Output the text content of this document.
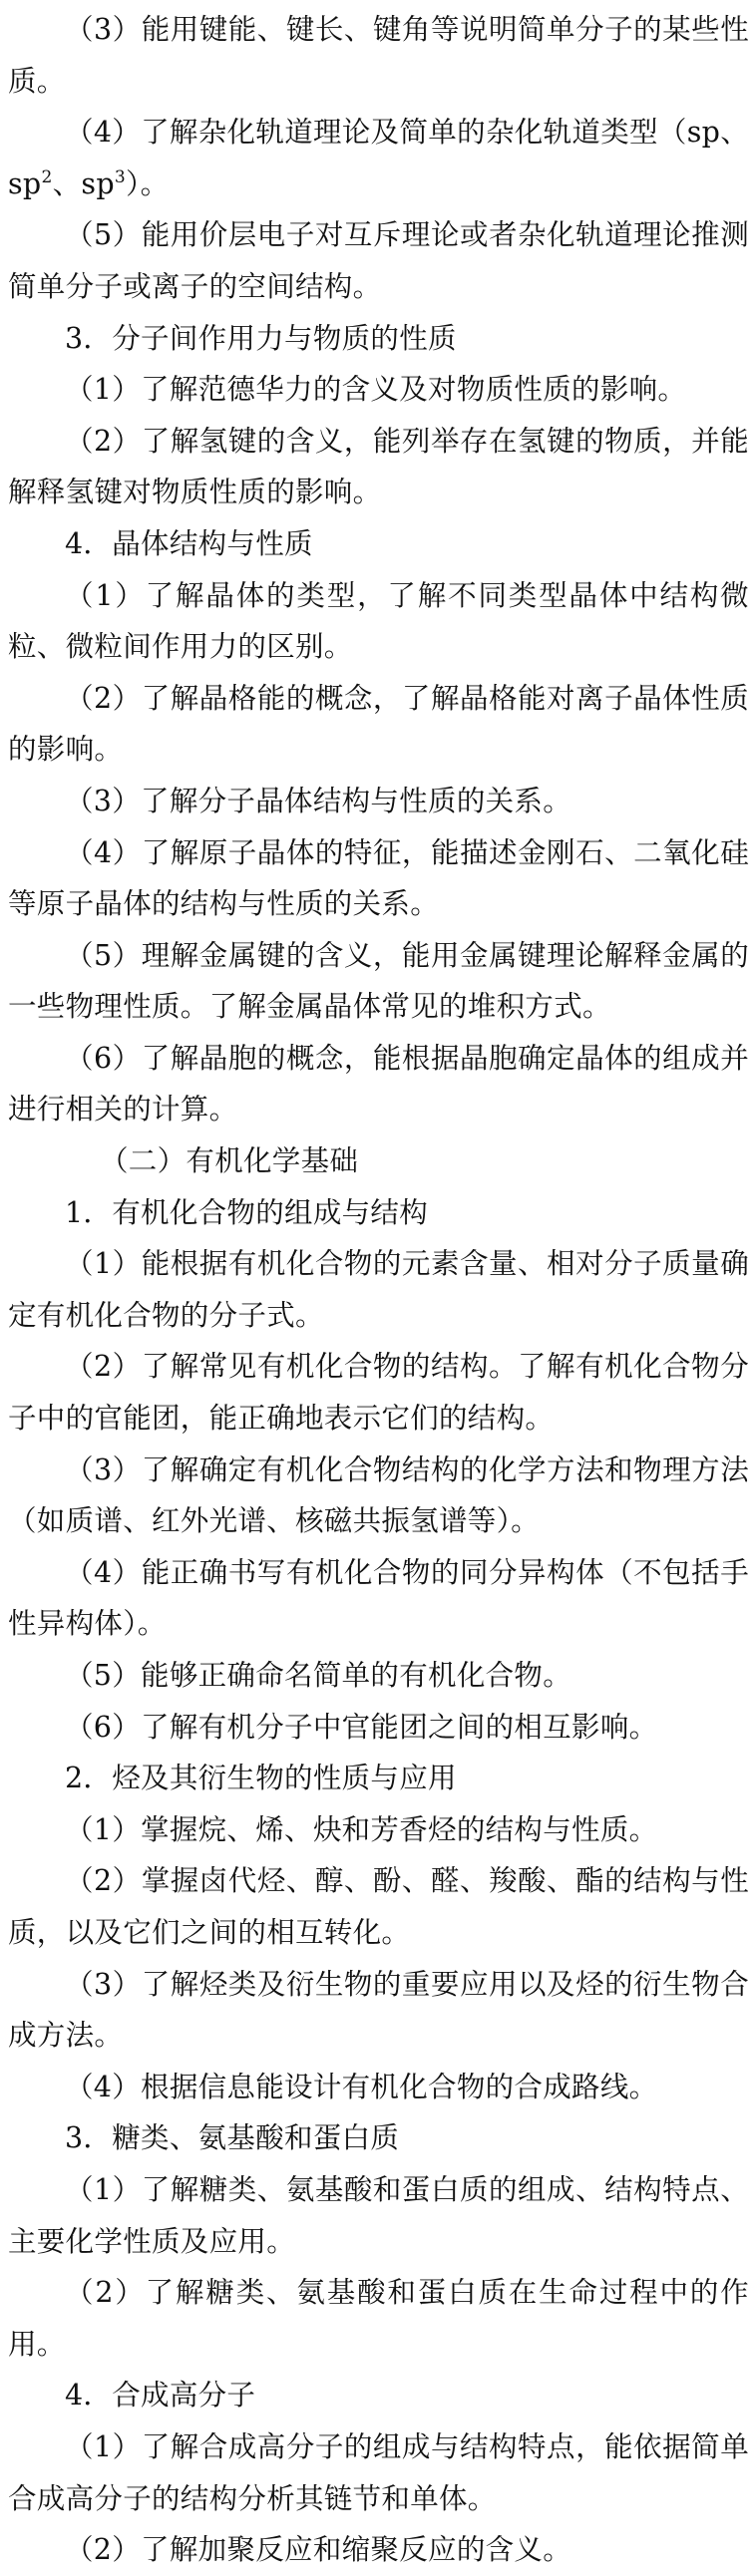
（3）能用键能、键长、键角等说明简单分子的某些性质。

（4）了解杂化轨道理论及简单的杂化轨道类型（sp、$sp^2$、$sp^3$）。

（5）能用价层电子对互斥理论或者杂化轨道理论推测简单分子或离子的空间结构。

3．分子间作用力与物质的性质

（1）了解范德华力的含义及对物质性质的影响。

（2）了解氢键的含义，能列举存在氢键的物质，并能解释氢键对物质性质的影响。

4．晶体结构与性质

（1）了解晶体的类型，了解不同类型晶体中结构微粒、微粒间作用力的区别。

（2）了解晶格能的概念，了解晶格能对离子晶体性质的影响。

（3）了解分子晶体结构与性质的关系。

（4）了解原子晶体的特征，能描述金刚石、二氧化硅等原子晶体的结构与性质的关系。

（5）理解金属键的含义，能用金属键理论解释金属的一些物理性质。了解金属晶体常见的堆积方式。

（6）了解晶胞的概念，能根据晶胞确定晶体的组成并进行相关的计算。

（二）有机化学基础

1．有机化合物的组成与结构

（1）能根据有机化合物的元素含量、相对分子质量确定有机化合物的分子式。

（2）了解常见有机化合物的结构。了解有机化合物分子中的官能团，能正确地表示它们的结构。

（3）了解确定有机化合物结构的化学方法和物理方法（如质谱、红外光谱、核磁共振氢谱等）。

（4）能正确书写有机化合物的同分异构体（不包括手性异构体）。

（5）能够正确命名简单的有机化合物。

（6）了解有机分子中官能团之间的相互影响。

2．烃及其衍生物的性质与应用

（1）掌握烷、烯、炔和芳香烃的结构与性质。

（2）掌握卤代烃、醇、酚、醛、羧酸、酯的结构与性质，以及它们之间的相互转化。

（3）了解烃类及衍生物的重要应用以及烃的衍生物合成方法。

（4）根据信息能设计有机化合物的合成路线。

3．糖类、氨基酸和蛋白质

（1）了解糖类、氨基酸和蛋白质的组成、结构特点、主要化学性质及应用。

（2）了解糖类、氨基酸和蛋白质在生命过程中的作用。

4．合成高分子

（1）了解合成高分子的组成与结构特点，能依据简单合成高分子的结构分析其链节和单体。

（2）了解加聚反应和缩聚反应的含义。
